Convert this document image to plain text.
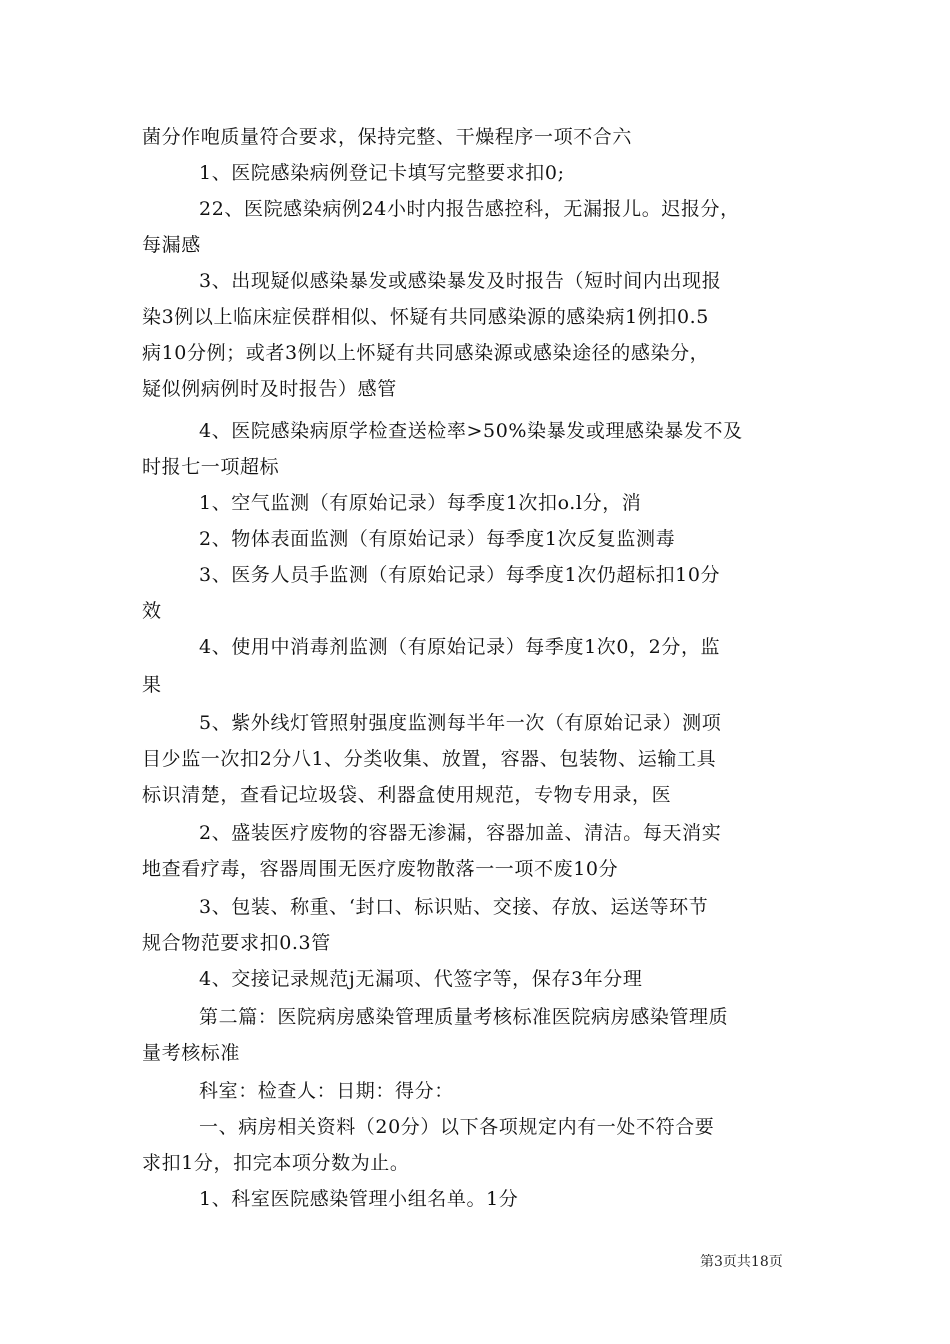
菌分作咆质量符合要求，保持完整、干燥程序一项不合六
1、医院感染病例登记卡填写完整要求扣0;
22、医院感染病例24小时内报告感控科，无漏报⼉。迟报分，
每漏感
3、出现疑似感染暴发或感染暴发及时报告（短时间内出现报
染3例以上临床症侯群相似、怀疑有共同感染源的感染病1例扣0.5
病10分例；或者3例以上怀疑有共同感染源或感染途径的感染分，
疑似例病例时及时报告）感管
4、医院感染病原学检查送检率>50%染暴发或理感染暴发不及
时报七一项超标
1、空气监测（有原始记录）每季度1次扣o.l分，消
2、物体表面监测（有原始记录）每季度1次反复监测毒
3、医务人员手监测（有原始记录）每季度1次仍超标扣10分
效
4、使用中消毒剂监测（有原始记录）每季度1次0，2分，监
果
5、紫外线灯管照射强度监测每半年一次（有原始记录）测项
目少监一次扣2分八1、分类收集、放置，容器、包装物、运输工具
标识清楚，查看记垃圾袋、利器盒使用规范，专物专用录，医
2、盛装医疗废物的容器无渗漏，容器加盖、清洁。每天消实
地查看疗毒，容器周围无医疗废物散落一一项不废10分
3、包装、称重、‘封口、标识贴、交接、存放、运送等环节
规合物范要求扣0.3管
4、交接记录规范j无漏项、代签字等，保存3年分理
第二篇：医院病房感染管理质量考核标准医院病房感染管理质
量考核标准
科室：检查人：日期：得分：
一、病房相关资料（20分）以下各项规定内有一处不符合要
求扣1分，扣完本项分数为止。
1、科室医院感染管理小组名单。1分
第3页共18页
